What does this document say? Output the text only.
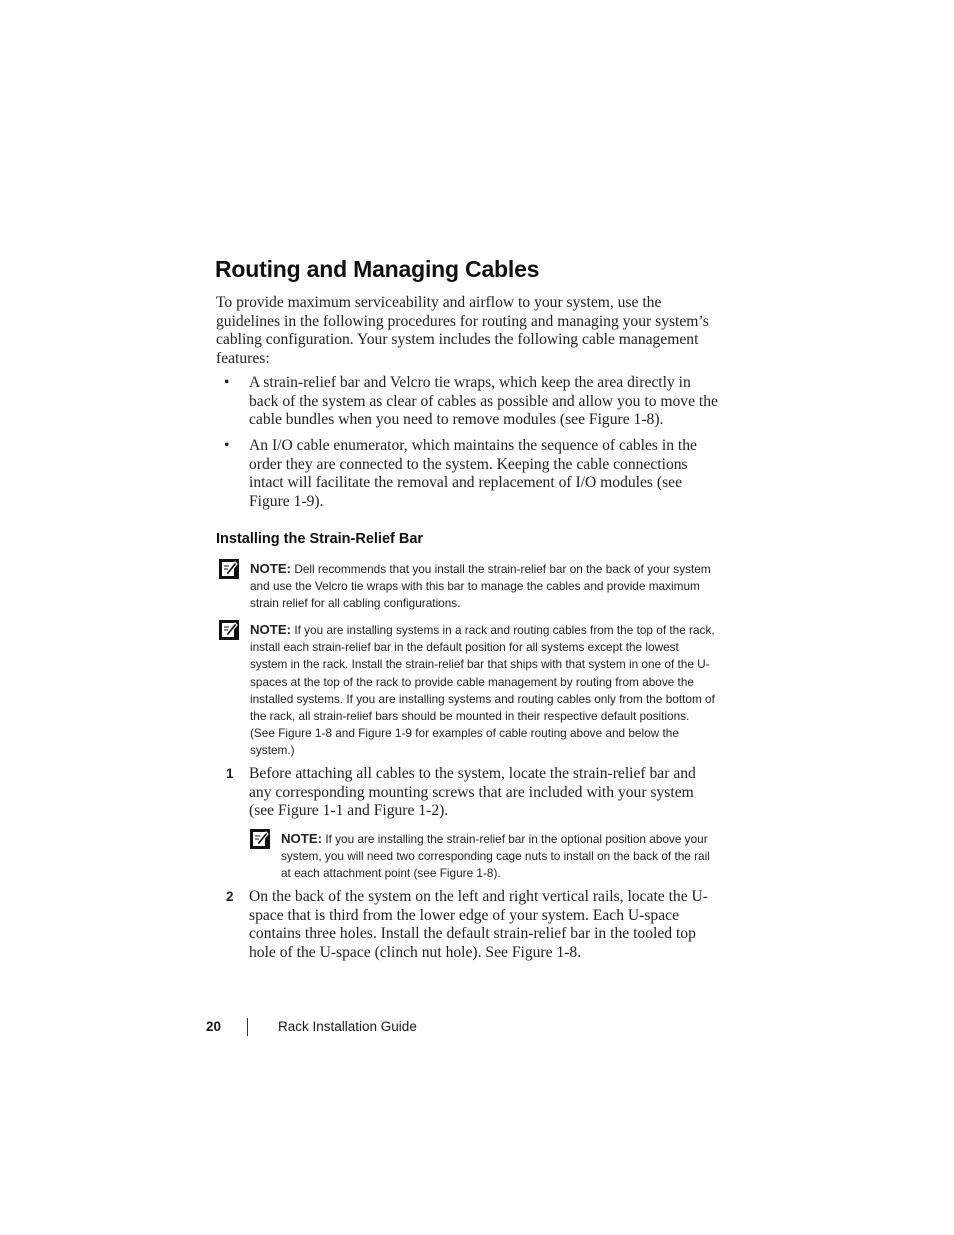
Routing and Managing Cables

To provide maximum serviceability and airflow to your system, use the guidelines in the following procedures for routing and managing your system’s cabling configuration. Your system includes the following cable management features:

• A strain-relief bar and Velcro tie wraps, which keep the area directly in back of the system as clear of cables as possible and allow you to move the cable bundles when you need to remove modules (see Figure 1-8).

• An I/O cable enumerator, which maintains the sequence of cables in the order they are connected to the system. Keeping the cable connections intact will facilitate the removal and replacement of I/O modules (see Figure 1-9).

Installing the Strain-Relief Bar

NOTE: Dell recommends that you install the strain-relief bar on the back of your system and use the Velcro tie wraps with this bar to manage the cables and provide maximum strain relief for all cabling configurations.

NOTE: If you are installing systems in a rack and routing cables from the top of the rack, install each strain-relief bar in the default position for all systems except the lowest system in the rack. Install the strain-relief bar that ships with that system in one of the U-spaces at the top of the rack to provide cable management by routing from above the installed systems. If you are installing systems and routing cables only from the bottom of the rack, all strain-relief bars should be mounted in their respective default positions. (See Figure 1-8 and Figure 1-9 for examples of cable routing above and below the system.)

1 Before attaching all cables to the system, locate the strain-relief bar and any corresponding mounting screws that are included with your system (see Figure 1-1 and Figure 1-2).

NOTE: If you are installing the strain-relief bar in the optional position above your system, you will need two corresponding cage nuts to install on the back of the rail at each attachment point (see Figure 1-8).

2 On the back of the system on the left and right vertical rails, locate the U-space that is third from the lower edge of your system. Each U-space contains three holes. Install the default strain-relief bar in the tooled top hole of the U-space (clinch nut hole). See Figure 1-8.

20	Rack Installation Guide
